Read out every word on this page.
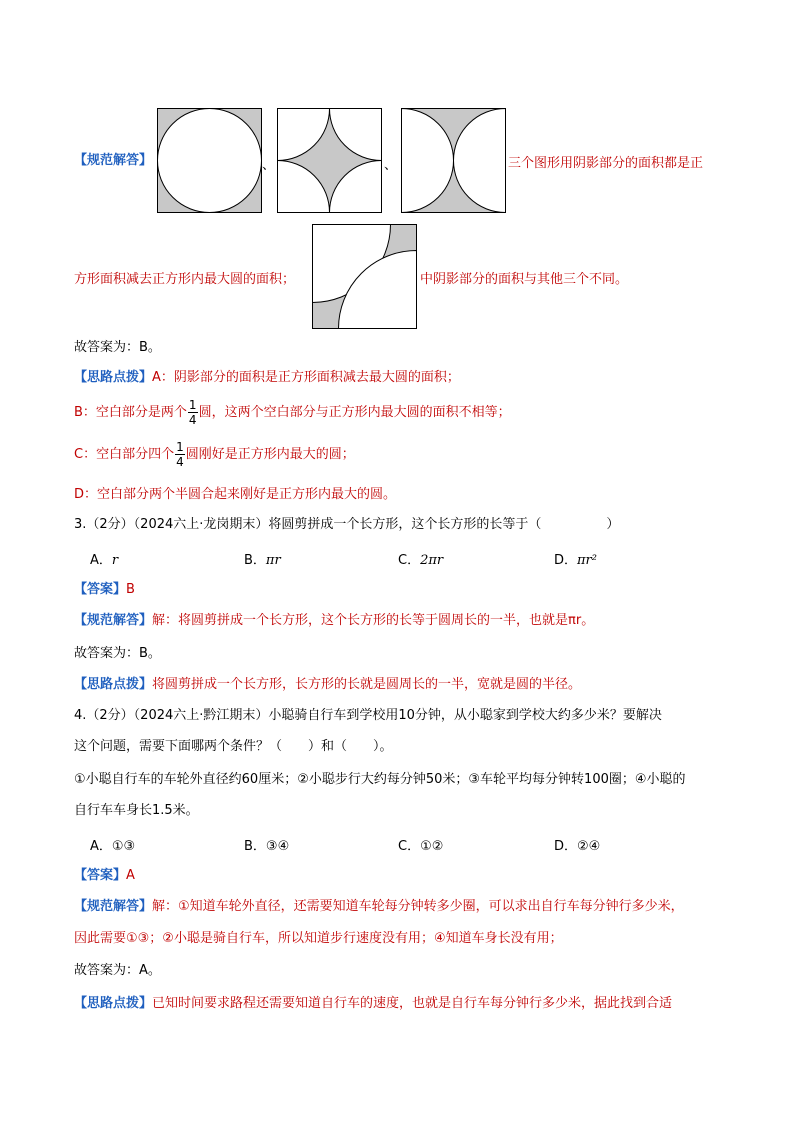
【规范解答】	、	、	三个图形用阴影部分的面积都是正
方形面积减去正方形内最大圆的面积；	中阴影部分的面积与其他三个不同。
故答案为：B。
【思路点拨】A：阴影部分的面积是正方形面积减去最大圆的面积；
B：空白部分是两个 $\frac{1}{4}$ 圆，这两个空白部分与正方形内最大圆的面积不相等；
C：空白部分四个 $\frac{1}{4}$ 圆刚好是正方形内最大的圆；
D：空白部分两个半圆合起来刚好是正方形内最大的圆。
3.（2分）（2024六上·龙岗期末）将圆剪拼成一个长方形，这个长方形的长等于（　　　　　）
A．r	B．πr	C．2πr	D．πr²
【答案】B
【规范解答】解：将圆剪拼成一个长方形，这个长方形的长等于圆周长的一半，也就是πr。
故答案为：B。
【思路点拨】将圆剪拼成一个长方形，长方形的长就是圆周长的一半，宽就是圆的半径。
4.（2分）（2024六上·黔江期末）小聪骑自行车到学校用10分钟，从小聪家到学校大约多少米？要解决
这个问题，需要下面哪两个条件？（　　）和（　　）。
①小聪自行车的车轮外直径约60厘米；②小聪步行大约每分钟50米；③车轮平均每分钟转100圈；④小聪的
自行车车身长1.5米。
A．①③	B．③④	C．①②	D．②④
【答案】A
【规范解答】解：①知道车轮外直径，还需要知道车轮每分钟转多少圈，可以求出自行车每分钟行多少米，
因此需要①③；②小聪是骑自行车，所以知道步行速度没有用；④知道车身长没有用；
故答案为：A。
【思路点拨】已知时间要求路程还需要知道自行车的速度，也就是自行车每分钟行多少米，据此找到合适
